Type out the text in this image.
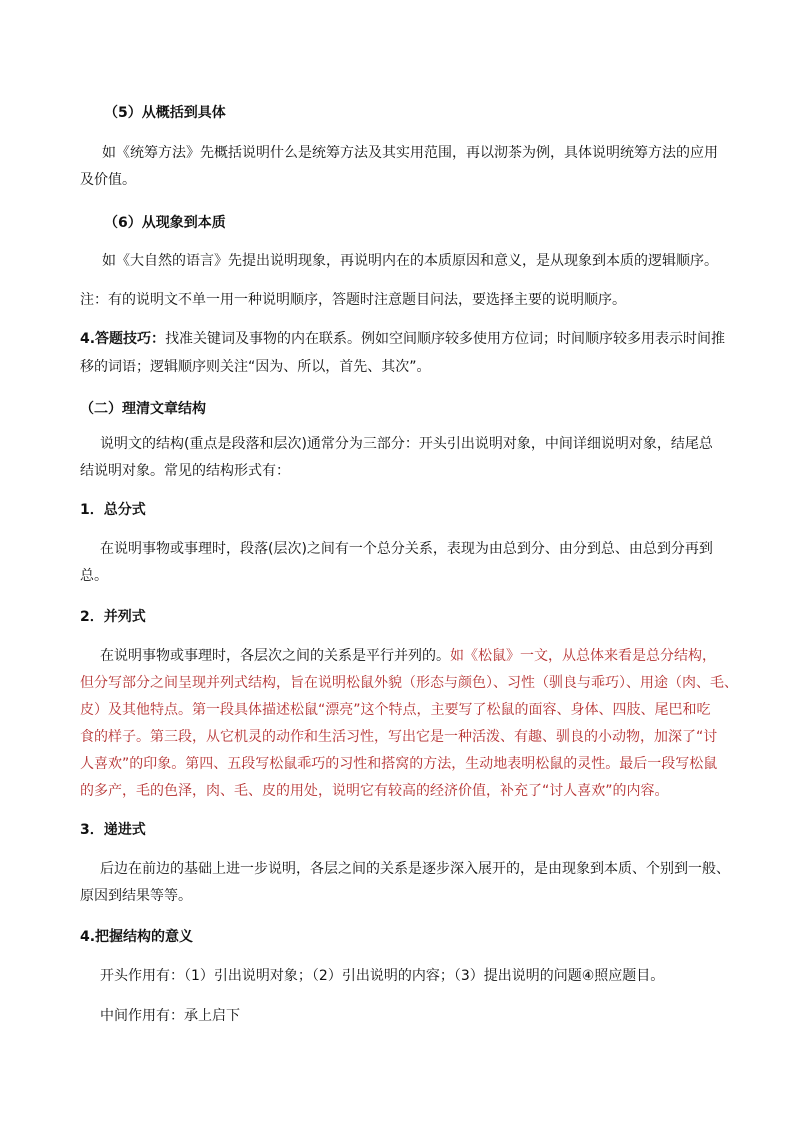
（5）从概括到具体
如《统筹方法》先概括说明什么是统筹方法及其实用范围，再以沏茶为例，具体说明统筹方法的应用
及价值。
（6）从现象到本质
如《大自然的语言》先提出说明现象，再说明内在的本质原因和意义，是从现象到本质的逻辑顺序。
注：有的说明文不单一用一种说明顺序，答题时注意题目问法，要选择主要的说明顺序。
4.答题技巧：找准关键词及事物的内在联系。例如空间顺序较多使用方位词；时间顺序较多用表示时间推
移的词语；逻辑顺序则关注“因为、所以，首先、其次”。
（二）理清文章结构
说明文的结构(重点是段落和层次)通常分为三部分：开头引出说明对象，中间详细说明对象，结尾总
结说明对象。常见的结构形式有：
1．总分式
在说明事物或事理时，段落(层次)之间有一个总分关系，表现为由总到分、由分到总、由总到分再到
总。
2．并列式
在说明事物或事理时，各层次之间的关系是平行并列的。如《松鼠》一文，从总体来看是总分结构，
但分写部分之间呈现并列式结构，旨在说明松鼠外貌（形态与颜色）、习性（驯良与乖巧）、用途（肉、毛、
皮）及其他特点。第一段具体描述松鼠“漂亮”这个特点，主要写了松鼠的面容、身体、四肢、尾巴和吃
食的样子。第三段，从它机灵的动作和生活习性，写出它是一种活泼、有趣、驯良的小动物，加深了“讨
人喜欢”的印象。第四、五段写松鼠乖巧的习性和搭窝的方法，生动地表明松鼠的灵性。最后一段写松鼠
的多产，毛的色泽，肉、毛、皮的用处，说明它有较高的经济价值，补充了“讨人喜欢”的内容。
3．递进式
后边在前边的基础上进一步说明，各层之间的关系是逐步深入展开的，是由现象到本质、个别到一般、
原因到结果等等。
4.把握结构的意义
开头作用有：（1）引出说明对象；（2）引出说明的内容；（3）提出说明的问题④照应题目。
中间作用有：承上启下
